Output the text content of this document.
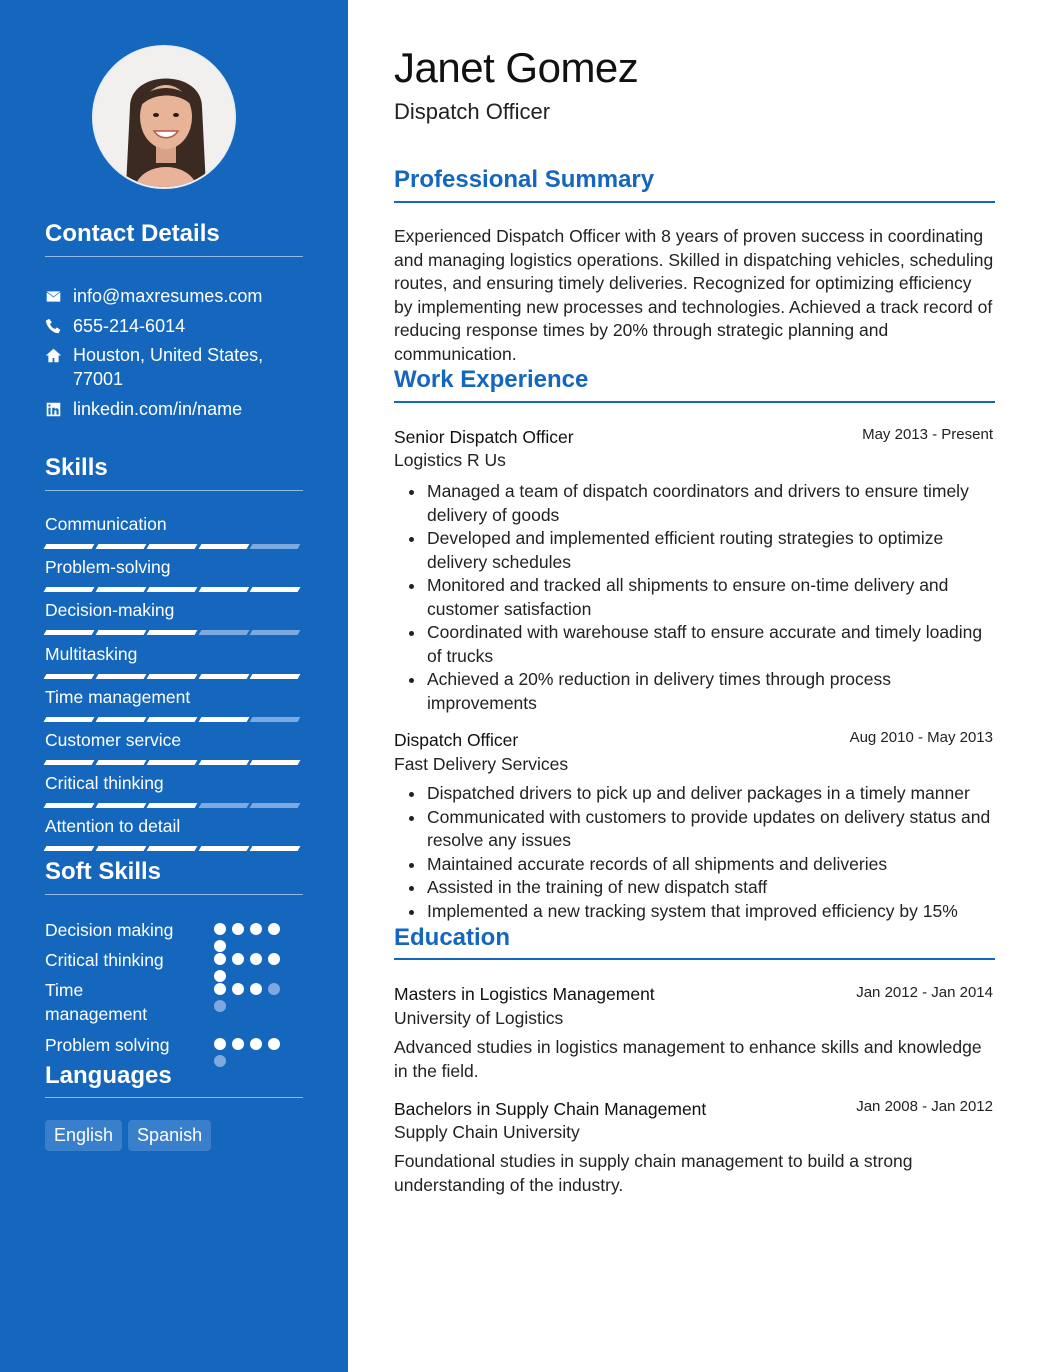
Contact Details
info@maxresumes.com
655-214-6014
Houston, United States, 77001
linkedin.com/in/name
Skills
Soft Skills
Languages
English	Spanish
Communication
Problem-solving
Decision-making
Multitasking
Time management
Customer service
Critical thinking
Attention to detail
Decision making
Critical thinking
Time management
Problem solving
Janet Gomez
Dispatch Officer
Professional Summary
Experienced Dispatch Officer with 8 years of proven success in coordinating and managing logistics operations. Skilled in dispatching vehicles, scheduling routes, and ensuring timely deliveries. Recognized for optimizing efficiency by implementing new processes and technologies. Achieved a track record of reducing response times by 20% through strategic planning and communication.
Work Experience
Senior Dispatch Officer	May 2013 - Present
Logistics R Us
Managed a team of dispatch coordinators and drivers to ensure timely delivery of goods
Developed and implemented efficient routing strategies to optimize delivery schedules
Monitored and tracked all shipments to ensure on-time delivery and customer satisfaction
Coordinated with warehouse staff to ensure accurate and timely loading of trucks
Achieved a 20% reduction in delivery times through process improvements
Dispatch Officer	Aug 2010 - May 2013
Fast Delivery Services
Dispatched drivers to pick up and deliver packages in a timely manner
Communicated with customers to provide updates on delivery status and resolve any issues
Maintained accurate records of all shipments and deliveries
Assisted in the training of new dispatch staff
Implemented a new tracking system that improved efficiency by 15%
Education
Masters in Logistics Management	Jan 2012 - Jan 2014
University of Logistics
Advanced studies in logistics management to enhance skills and knowledge in the field.
Bachelors in Supply Chain Management	Jan 2008 - Jan 2012
Supply Chain University
Foundational studies in supply chain management to build a strong understanding of the industry.
